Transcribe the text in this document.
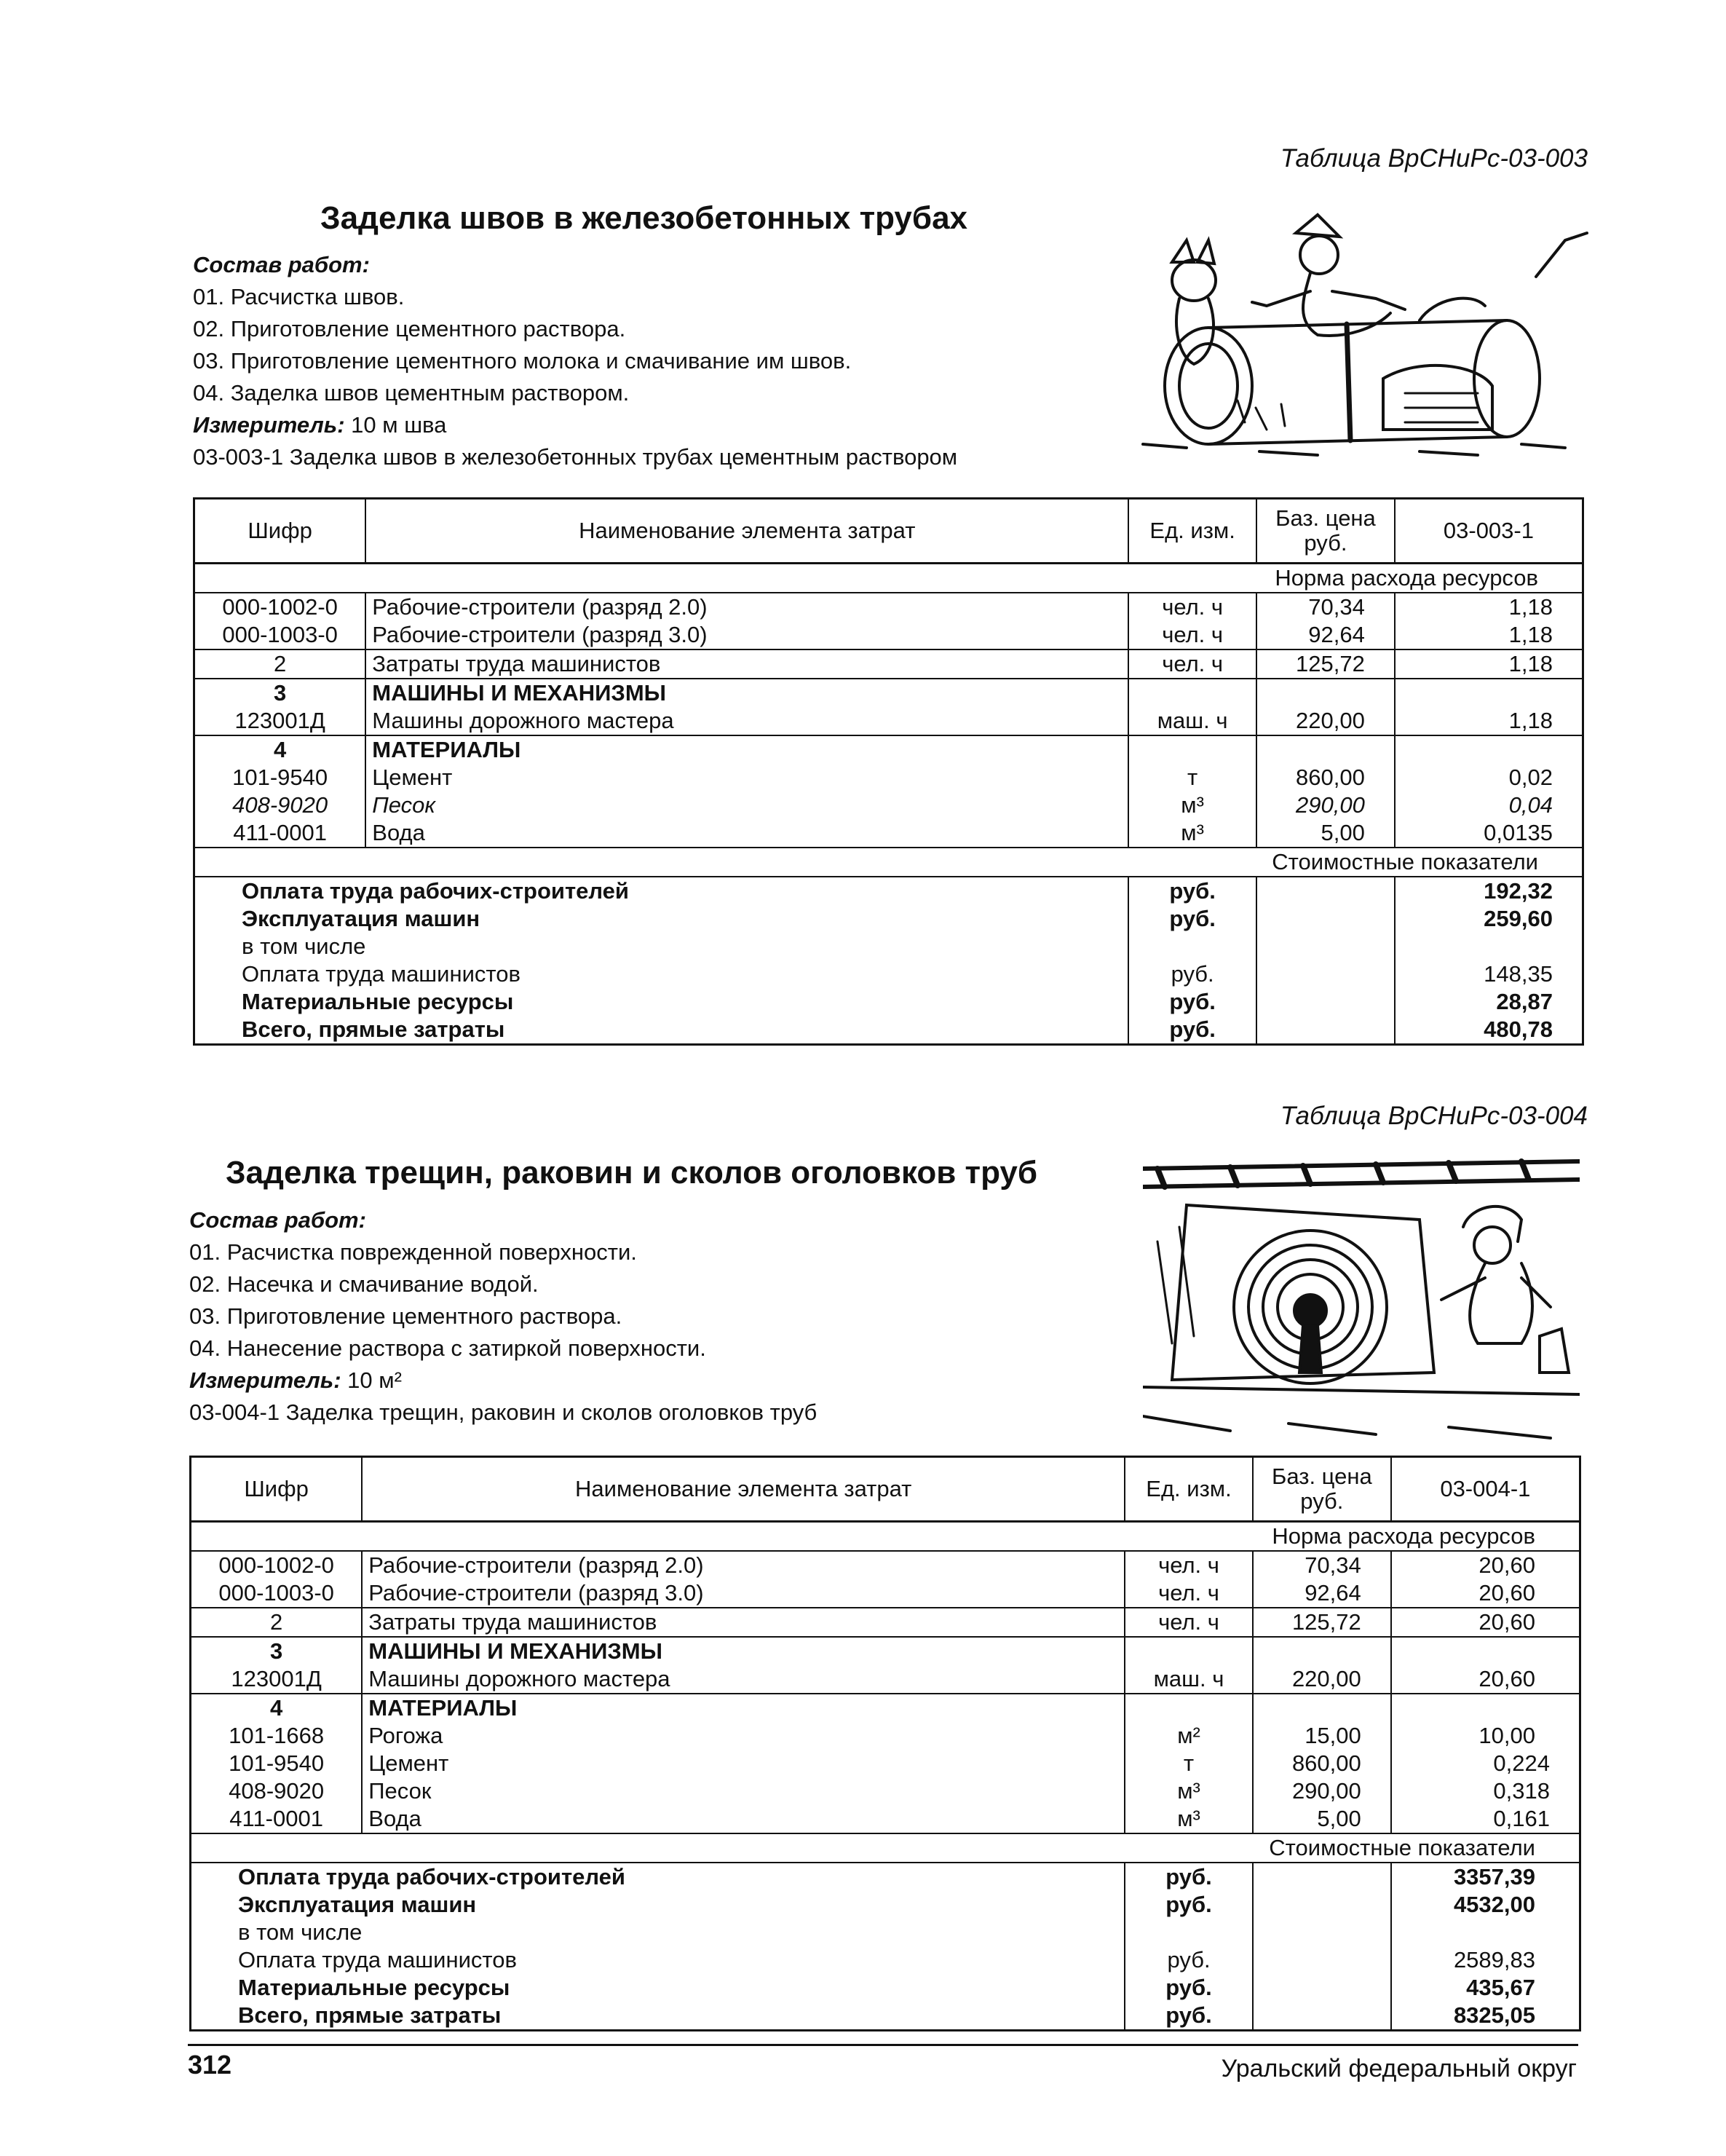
Таблица ВрСНиРс-03-003
Заделка швов в железобетонных трубах
Состав работ:
01. Расчистка швов.
02. Приготовление цементного раствора.
03. Приготовление цементного молока и смачивание им швов.
04. Заделка швов цементным раствором.
Измеритель: 10 м шва
03-003-1 Заделка швов в железобетонных трубах цементным раствором
Шифр	Наименование элемента затрат	Ед. изм.	Баз. цена руб.	03-003-1
Норма расхода ресурсов				
000-1002-0	Рабочие-строители (разряд 2.0)	чел. ч	70,34	1,18
000-1003-0	Рабочие-строители (разряд 3.0)	чел. ч	92,64	1,18
2	Затраты труда машинистов	чел. ч	125,72	1,18
3	МАШИНЫ И МЕХАНИЗМЫ			
123001Д	Машины дорожного мастера	маш. ч	220,00	1,18
4	МАТЕРИАЛЫ			
101-9540	Цемент	т	860,00	0,02
408-9020	Песок	м³	290,00	0,04
411-0001	Вода	м³	5,00	0,0135
Стоимостные показатели				
Оплата труда рабочих-строителей		руб.		192,32
Эксплуатация машин		руб.		259,60
в том числе				
Оплата труда машинистов		руб.		148,35
Материальные ресурсы		руб.		28,87
Всего, прямые затраты		руб.		480,78
Таблица ВрСНиРс-03-004
Заделка трещин, раковин и сколов оголовков труб
Состав работ:
01. Расчистка поврежденной поверхности.
02. Насечка и смачивание водой.
03. Приготовление цементного раствора.
04. Нанесение раствора с затиркой поверхности.
Измеритель: 10 м²
03-004-1 Заделка трещин, раковин и сколов оголовков труб
Шифр	Наименование элемента затрат	Ед. изм.	Баз. цена руб.	03-004-1
Норма расхода ресурсов				
000-1002-0	Рабочие-строители (разряд 2.0)	чел. ч	70,34	20,60
000-1003-0	Рабочие-строители (разряд 3.0)	чел. ч	92,64	20,60
2	Затраты труда машинистов	чел. ч	125,72	20,60
3	МАШИНЫ И МЕХАНИЗМЫ			
123001Д	Машины дорожного мастера	маш. ч	220,00	20,60
4	МАТЕРИАЛЫ			
101-1668	Рогожа	м²	15,00	10,00
101-9540	Цемент	т	860,00	0,224
408-9020	Песок	м³	290,00	0,318
411-0001	Вода	м³	5,00	0,161
Стоимостные показатели				
Оплата труда рабочих-строителей		руб.		3357,39
Эксплуатация машин		руб.		4532,00
в том числе				
Оплата труда машинистов		руб.		2589,83
Материальные ресурсы		руб.		435,67
Всего, прямые затраты		руб.		8325,05
312	Уральский федеральный округ
